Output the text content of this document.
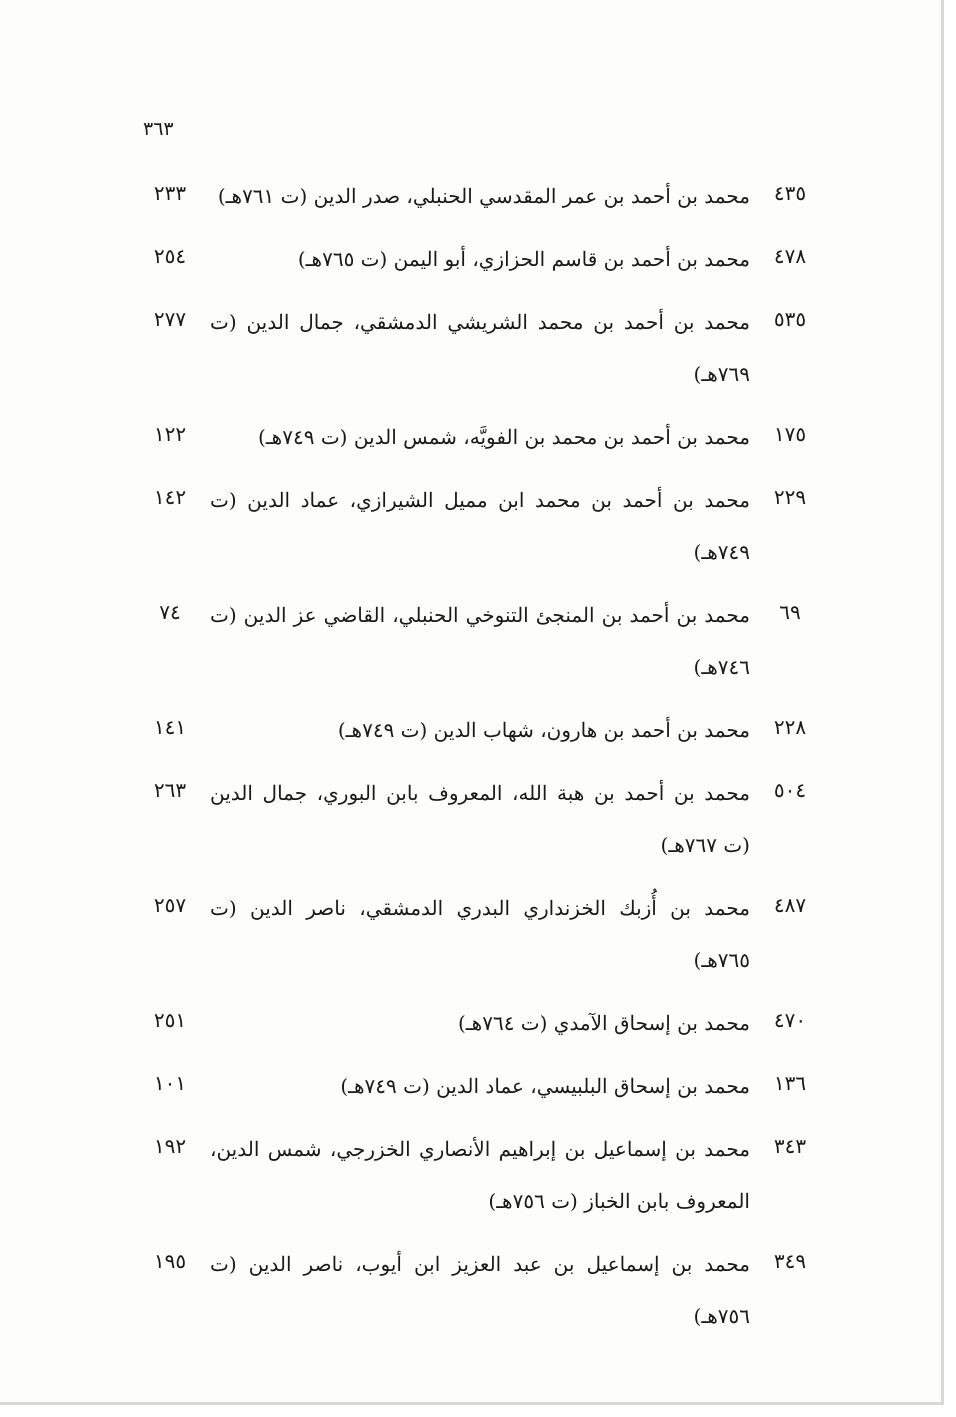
٣٦٣
٤٣٥
محمد بن أحمد بن عمر المقدسي الحنبلي، صدر الدين (ت ٧٦١هـ)
٢٣٣
٤٧٨
محمد بن أحمد بن قاسم الحزازي، أبو اليمن (ت ٧٦٥هـ)
٢٥٤
٥٣٥
محمد بن أحمد بن محمد الشريشي الدمشقي، جمال الدين (ت ٧٦٩هـ)
٢٧٧
١٧٥
محمد بن أحمد بن محمد بن الفويَّه، شمس الدين (ت ٧٤٩هـ)
١٢٢
٢٢٩
محمد بن أحمد بن محمد ابن مميل الشيرازي، عماد الدين (ت ٧٤٩هـ)
١٤٢
٦٩
محمد بن أحمد بن المنجئ التنوخي الحنبلي، القاضي عز الدين (ت ٧٤٦هـ)
٧٤
٢٢٨
محمد بن أحمد بن هارون، شهاب الدين (ت ٧٤٩هـ)
١٤١
٥٠٤
محمد بن أحمد بن هبة الله، المعروف بابن البوري، جمال الدين (ت ٧٦٧هـ)
٢٦٣
٤٨٧
محمد بن أُزبك الخزنداري البدري الدمشقي، ناصر الدين (ت ٧٦٥هـ)
٢٥٧
٤٧٠
محمد بن إسحاق الآمدي (ت ٧٦٤هـ)
٢٥١
١٣٦
محمد بن إسحاق البلبيسي، عماد الدين (ت ٧٤٩هـ)
١٠١
٣٤٣
محمد بن إسماعيل بن إبراهيم الأنصاري الخزرجي، شمس الدين، المعروف بابن الخباز (ت ٧٥٦هـ)
١٩٢
٣٤٩
محمد بن إسماعيل بن عبد العزيز ابن أيوب، ناصر الدين (ت ٧٥٦هـ)
١٩٥
